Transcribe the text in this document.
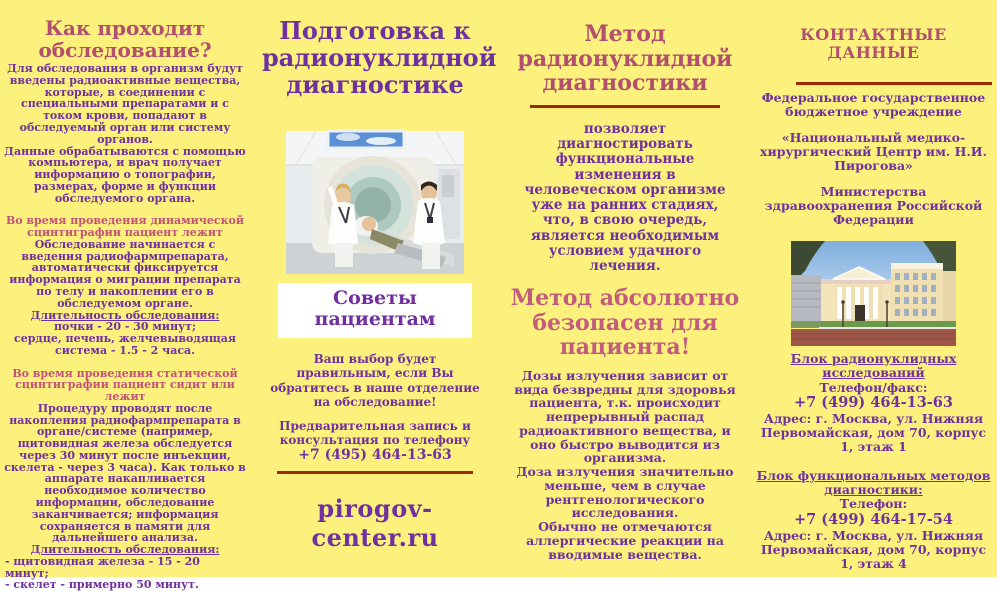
Как проходит обследование?
Для обследования в организм будут введены радиоактивные вещества, которые, в соединении с специальными препаратами и с током крови, попадают в обследуемый орган или систему органов.
Данные обрабатываются с помощью компьютера, и врач получает информацию о топографии, размерах, форме и функции обследуемого органа.
Во время проведения динамической сцинтиграфии пациент лежит
Обследование начинается с введения радиофармпрепарата, автоматически фиксируется информация о миграции препарата по телу и накоплении его в обследуемом органе.
Длительность обследования:
почки - 20 - 30 минут;
сердце, печень, желчевыводящая система - 1.5 - 2 часа.
Во время проведения статической сцинтиграфии пациент сидит или лежит
Процедуру проводят после накопления радиофармпрепарата в органе/системе (например, щитовидная железа обследуется через 30 минут после инъекции, скелета - через 3 часа). Как только в аппарате накапливается необходимое количество информации, обследование заканчивается; информация сохраняется в памяти для дальнейшего анализа.
Длительность обследования:
- щитовидная железа - 15 - 20 минут;
- скелет - примерно 50 минут.
Подготовка к радионуклидной диагностике
Советы пациентам
Ваш выбор будет правильным, если Вы обратитесь в наше отделение на обследование!
Предварительная запись и консультация по телефону
+7 (495) 464-13-63
pirogov-center.ru
Метод радионуклидной диагностики
позволяет диагностировать функциональные изменения в человеческом организме уже на ранних стадиях, что, в свою очередь, является необходимым условием удачного лечения.
Метод абсолютно безопасен для пациента!
Дозы излучения зависит от вида безвредны для здоровья пациента, т.к. происходит непрерывный распад радиоактивного вещества, и оно быстро выводится из организма.
Доза излучения значительно меньше, чем в случае рентгенологического исследования.
Обычно не отмечаются аллергические реакции на вводимые вещества.
КОНТАКТНЫЕ ДАННЫЕ
Федеральное государственное бюджетное учреждение
«Национальный медико-хирургический Центр им. Н.И. Пирогова»
Министерства здравоохранения Российской Федерации
Блок радионуклидных исследований
Телефон/факс:
+7 (499) 464-13-63
Адрес: г. Москва, ул. Нижняя Первомайская, дом 70, корпус 1, этаж 1
Блок функциональных методов диагностики:
Телефон:
+7 (499) 464-17-54
Адрес: г. Москва, ул. Нижняя Первомайская, дом 70, корпус 1, этаж 4
